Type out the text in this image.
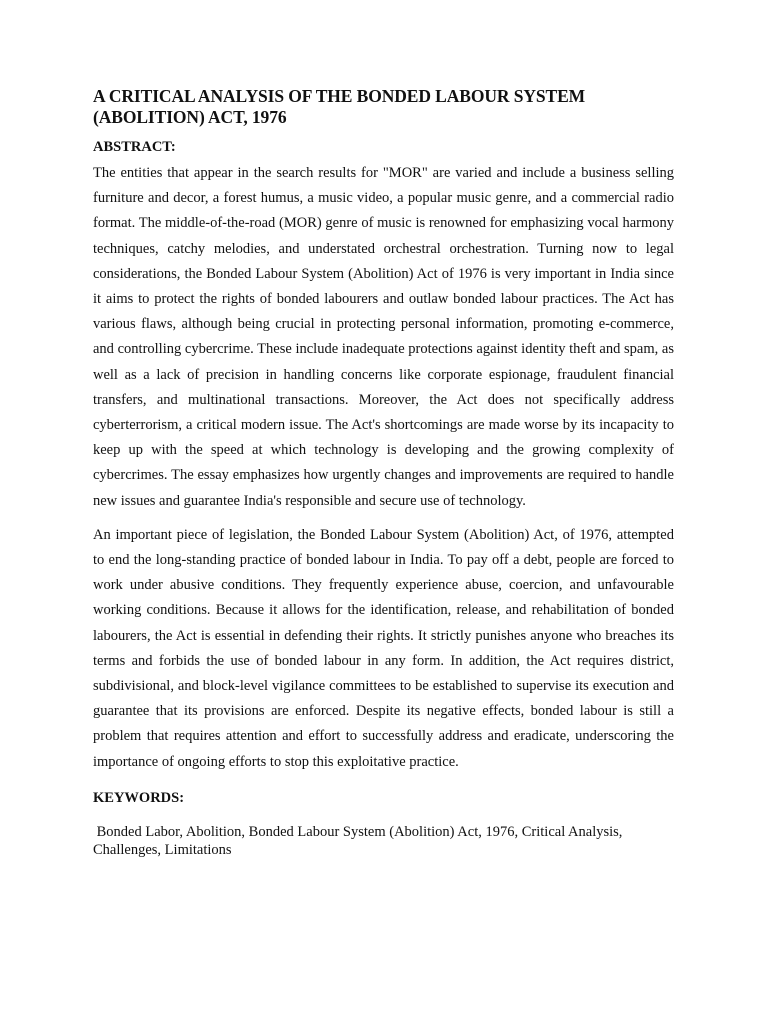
A CRITICAL ANALYSIS OF THE BONDED LABOUR SYSTEM (ABOLITION) ACT, 1976
ABSTRACT:

The entities that appear in the search results for "MOR" are varied and include a business selling furniture and decor, a forest humus, a music video, a popular music genre, and a commercial radio format. The middle-of-the-road (MOR) genre of music is renowned for emphasizing vocal harmony techniques, catchy melodies, and understated orchestral orchestration. Turning now to legal considerations, the Bonded Labour System (Abolition) Act of 1976 is very important in India since it aims to protect the rights of bonded labourers and outlaw bonded labour practices. The Act has various flaws, although being crucial in protecting personal information, promoting e-commerce, and controlling cybercrime. These include inadequate protections against identity theft and spam, as well as a lack of precision in handling concerns like corporate espionage, fraudulent financial transfers, and multinational transactions. Moreover, the Act does not specifically address cyberterrorism, a critical modern issue. The Act's shortcomings are made worse by its incapacity to keep up with the speed at which technology is developing and the growing complexity of cybercrimes. The essay emphasizes how urgently changes and improvements are required to handle new issues and guarantee India's responsible and secure use of technology.

An important piece of legislation, the Bonded Labour System (Abolition) Act, of 1976, attempted to end the long-standing practice of bonded labour in India. To pay off a debt, people are forced to work under abusive conditions. They frequently experience abuse, coercion, and unfavourable working conditions. Because it allows for the identification, release, and rehabilitation of bonded labourers, the Act is essential in defending their rights. It strictly punishes anyone who breaches its terms and forbids the use of bonded labour in any form. In addition, the Act requires district, subdivisional, and block-level vigilance committees to be established to supervise its execution and guarantee that its provisions are enforced. Despite its negative effects, bonded labour is still a problem that requires attention and effort to successfully address and eradicate, underscoring the importance of ongoing efforts to stop this exploitative practice.

KEYWORDS:
Bonded Labor, Abolition, Bonded Labour System (Abolition) Act, 1976, Critical Analysis, Challenges, Limitations
